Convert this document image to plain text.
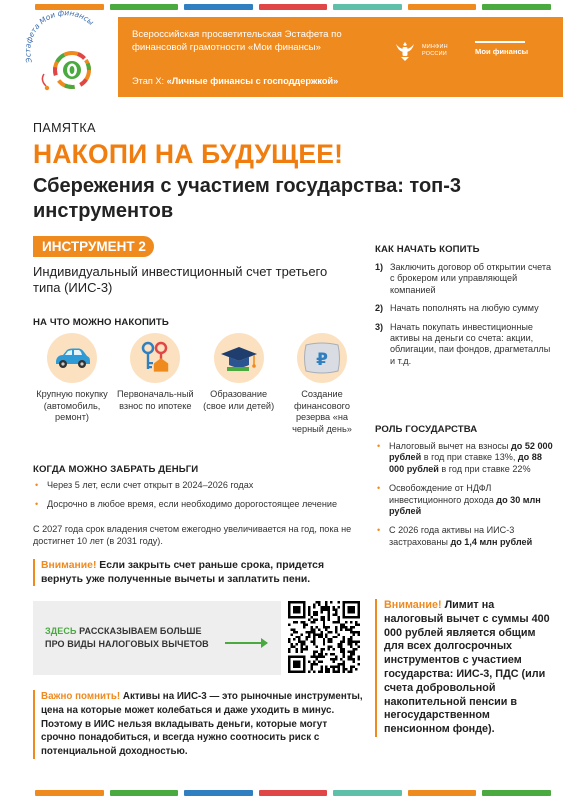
Всероссийская просветительская Эстафета по финансовой грамотности «Мои финансы»
Этап Х: «Личные финансы с господдержкой»
МИНФИН
РОССИИ	Мои финансы
Эстафета Мои финансы
ПАМЯТКА
НАКОПИ НА БУДУЩЕЕ!
Сбережения с участием государства: топ-3 инструментов
ИНСТРУМЕНТ 2
Индивидуальный инвестиционный счет третьего типа (ИИС-3)
НА ЧТО МОЖНО НАКОПИТЬ
Крупную покупку (автомобиль, ремонт)
Первоначаль-ный взнос по ипотеке
Образование (свое или детей)
₽
Создание финансового резерва «на черный день»
КОГДА МОЖНО ЗАБРАТЬ ДЕНЬГИ
• Через 5 лет, если счет открыт в 2024–2026 годах
• Досрочно в любое время, если необходимо дорогостоящее лечение
С 2027 года срок владения счетом ежегодно увеличивается на год, пока не достигнет 10 лет (в 2031 году).
Внимание! Если закрыть счет раньше срока, придется вернуть уже полученные вычеты и заплатить пени.
ЗДЕСЬ РАССКАЗЫВАЕМ БОЛЬШЕ
ПРО ВИДЫ НАЛОГОВЫХ ВЫЧЕТОВ
Важно помнить! Активы на ИИС-3 — это рыночные инструменты, цена на которые может колебаться и даже уходить в минус. Поэтому в ИИС нельзя вкладывать деньги, которые могут срочно понадобиться, и всегда нужно соотносить риск с потенциальной доходностью.
КАК НАЧАТЬ КОПИТЬ
1) Заключить договор об открытии счета с брокером или управляющей компанией
2) Начать пополнять на любую сумму
3) Начать покупать инвестиционные активы на деньги со счета: акции, облигации, паи фондов, драгметаллы и т.д.
РОЛЬ ГОСУДАРСТВА
• Налоговый вычет на взносы до 52 000 рублей в год при ставке 13%, до 88 000 рублей в год при ставке 22%
• Освобождение от НДФЛ инвестиционного дохода до 30 млн рублей
• С 2026 года активы на ИИС-3 застрахованы до 1,4 млн рублей
Внимание! Лимит на налоговый вычет с суммы 400 000 рублей является общим для всех долгосрочных инструментов с участием государства: ИИС-3, ПДС (или счета добровольной накопительной пенсии в негосударственном пенсионном фонде).
